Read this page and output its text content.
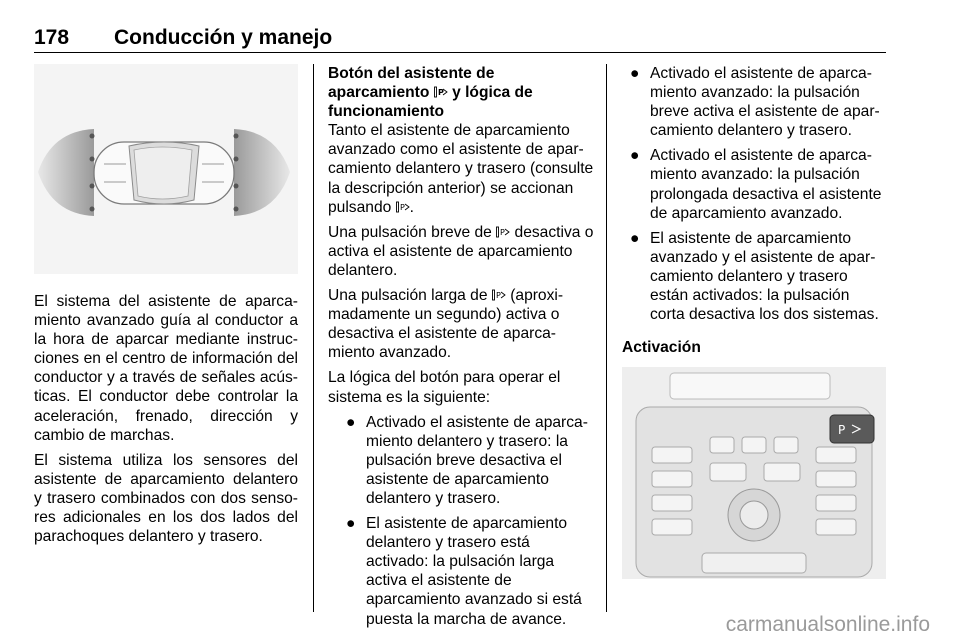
178 Conducción y manejo

El sistema del asistente de aparcamiento avanzado guía al conductor a la hora de aparcar mediante instrucciones en el centro de información del conductor y a través de señales acústicas. El conductor debe controlar la aceleración, frenado, dirección y cambio de marchas.

El sistema utiliza los sensores del asistente de aparcamiento delantero y trasero combinados con dos sensores adicionales en los dos lados del parachoques delantero y trasero.

Botón del asistente de
aparcamiento P y lógica de
funcionamiento

Tanto el asistente de aparcamiento avanzado como el asistente de aparcamiento delantero y trasero (consulte la descripción anterior) se accionan pulsando P .

Una pulsación breve de P desactiva o activa el asistente de aparcamiento delantero.

Una pulsación larga de P (aproximadamente un segundo) activa o desactiva el asistente de aparcamiento avanzado.

La lógica del botón para operar el sistema es la siguiente:

● Activado el asistente de aparcamiento delantero y trasero: la pulsación breve desactiva el asistente de aparcamiento delantero y trasero.
● El asistente de aparcamiento delantero y trasero está activado: la pulsación larga activa el asistente de aparcamiento avanzado si está puesta la marcha de avance.
● Activado el asistente de aparcamiento avanzado: la pulsación breve activa el asistente de aparcamiento delantero y trasero.
● Activado el asistente de aparcamiento avanzado: la pulsación prolongada desactiva el asistente de aparcamiento avanzado.
● El asistente de aparcamiento avanzado y el asistente de aparcamiento delantero y trasero están activados: la pulsación corta desactiva los dos sistemas.
Activación
P
carmanualsonline.info
